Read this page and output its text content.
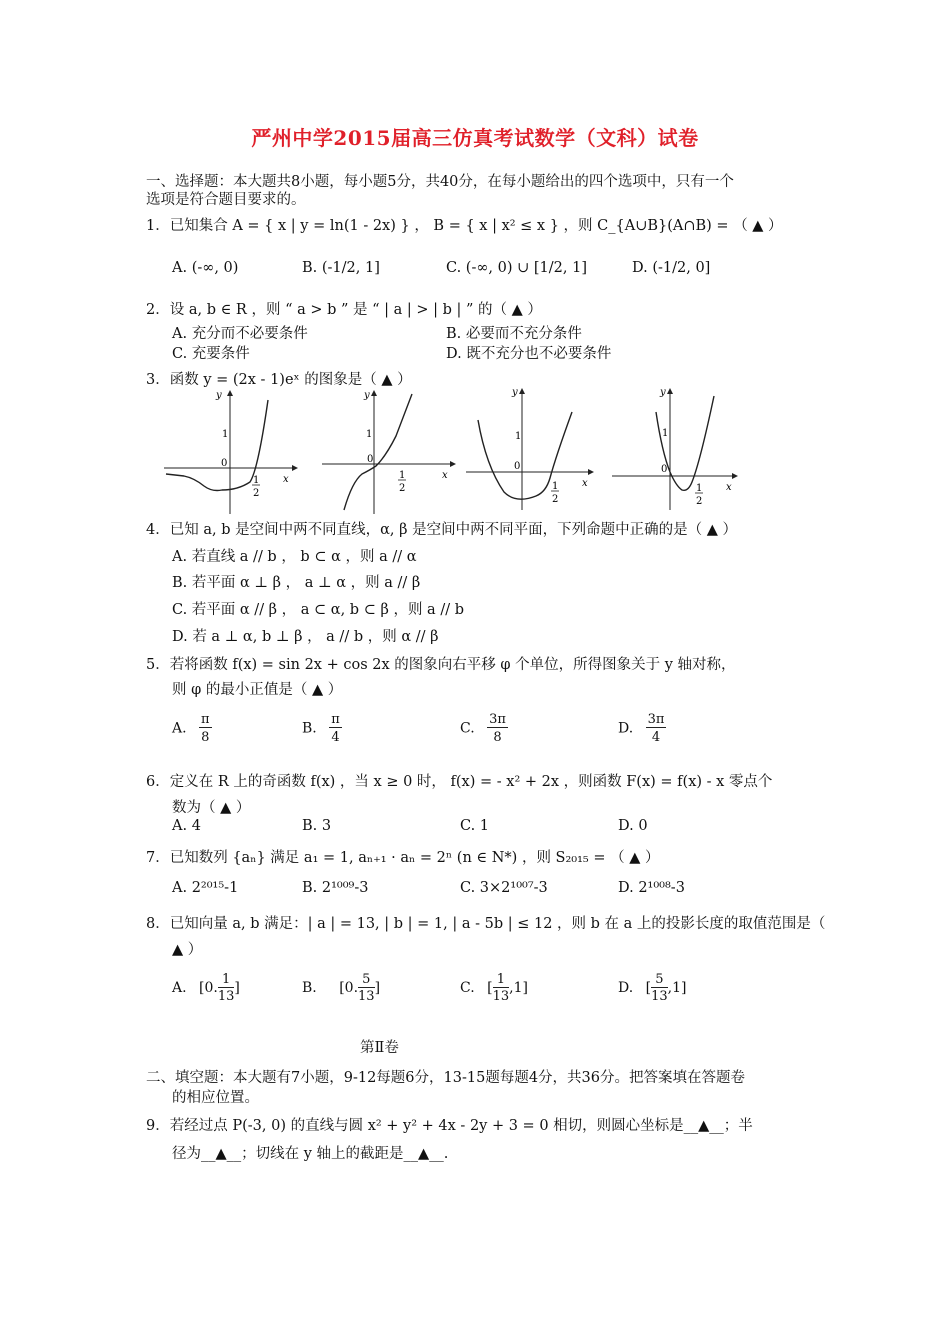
严州中学2015届高三仿真考试数学（文科）试卷
一、选择题：本大题共8小题，每小题5分，共40分，在每小题给出的四个选项中，只有一个
选项是符合题目要求的。
1．已知集合 A = { x | y = ln(1 - 2x) } ， B = { x | x² ≤ x } ，则 C_{A∪B}(A∩B) = （ ▲ ）
A. (-∞, 0)	B. (-1/2, 1]	C. (-∞, 0) ∪ [1/2, 1]	D. (-1/2, 0]
2．设 a, b ∈ R ，则 “ a > b ” 是 “ | a | > | b | ” 的（ ▲ ）
A. 充分而不必要条件	B. 必要而不充分条件
C. 充要条件	D. 既不充分也不必要条件
3．函数 y = (2x - 1)eˣ 的图象是（ ▲ ）
y
x
1
0
1
2
y
x
1
0
1
2
y
x
1
0
1
2
y
x
1
0
1
2
4．已知 a, b 是空间中两不同直线，α, β 是空间中两不同平面，下列命题中正确的是（ ▲ ）
A. 若直线 a // b ， b ⊂ α ，则 a // α
B. 若平面 α ⊥ β ， a ⊥ α ，则 a // β
C. 若平面 α // β ， a ⊂ α, b ⊂ β ，则 a // b
D. 若 a ⊥ α, b ⊥ β ， a // b ，则 α // β
5．若将函数 f(x) = sin 2x + cos 2x 的图象向右平移 φ 个单位，所得图象关于 y 轴对称，
则 φ 的最小正值是（ ▲ ）
A. $\frac{\pi}{8}$	B. $\frac{\pi}{4}$	C. $\frac{3\pi}{8}$	D. $\frac{3\pi}{4}$
6．定义在 R 上的奇函数 f(x) ，当 x ≥ 0 时， f(x) = - x² + 2x ，则函数 F(x) = f(x) - x 零点个
数为（ ▲ ）
A. 4	B. 3	C. 1	D. 0
7．已知数列 {aₙ} 满足 a₁ = 1, aₙ₊₁ · aₙ = 2ⁿ (n ∈ N*) ，则 S₂₀₁₅ = （ ▲ ）
A. 2²⁰¹⁵-1	B. 2¹⁰⁰⁹-3	C. 3×2¹⁰⁰⁷-3	D. 2¹⁰⁰⁸-3
8．已知向量 a, b 满足：| a | = 13, | b | = 1, | a - 5b | ≤ 12 ，则 b 在 a 上的投影长度的取值范围是（
▲ ）
A. [0. $\frac{1}{13}$ ]	B. [0. $\frac{5}{13}$ ]	C. [ $\frac{1}{13} ,1$]	D. [ $\frac{5}{13} ,1$]
第Ⅱ卷
二、填空题：本大题有7小题，9-12每题6分，13-15题每题4分，共36分。把答案填在答题卷
的相应位置。
9．若经过点 P(-3, 0) 的直线与圆 x² + y² + 4x - 2y + 3 = 0 相切，则圆心坐标是__▲__；半
径为__▲__；切线在 y 轴上的截距是__▲__.
